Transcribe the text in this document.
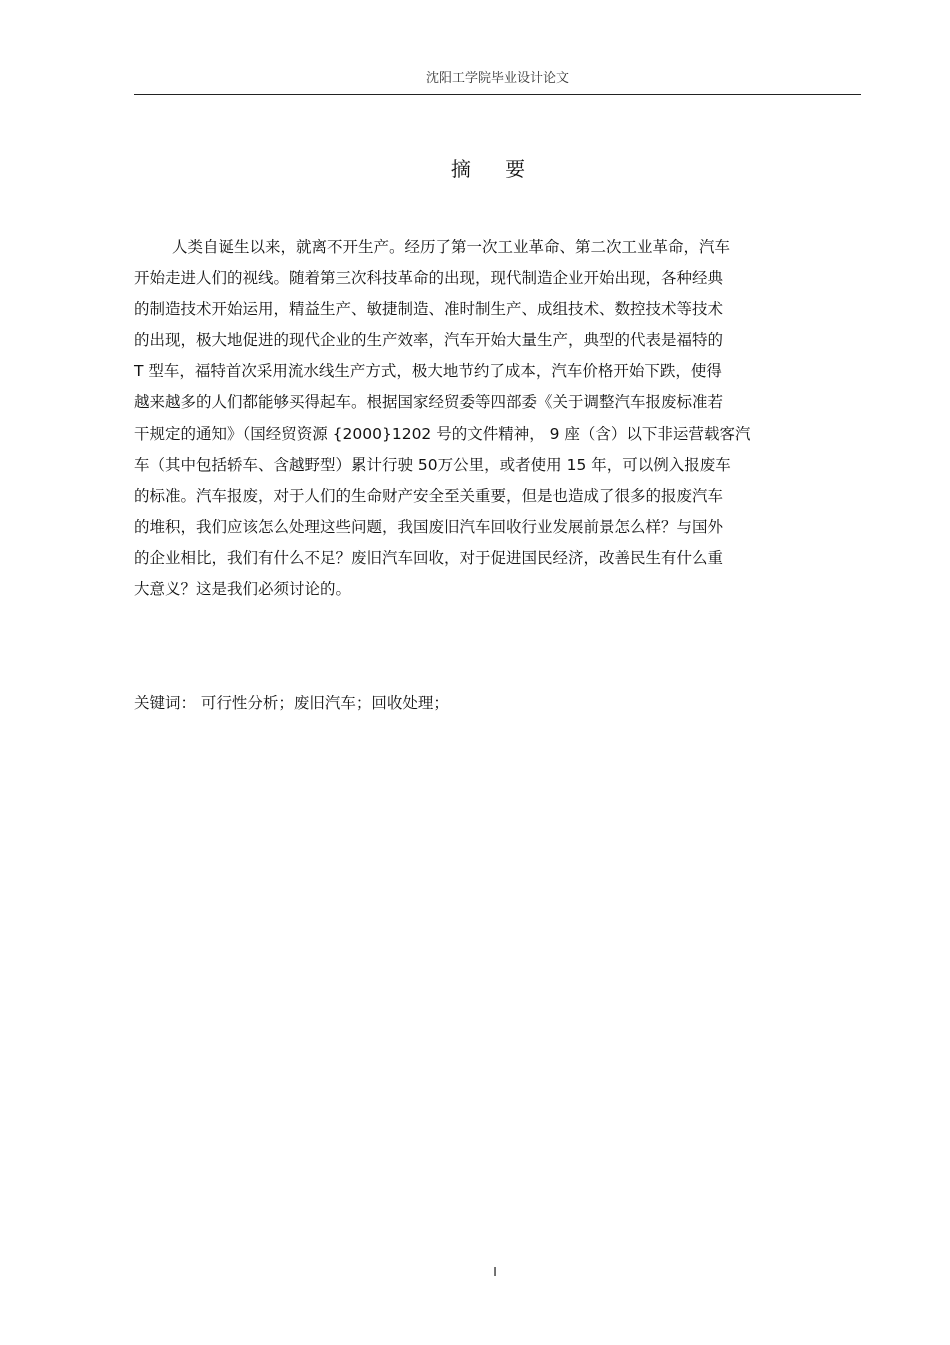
沈阳工学院毕业设计论文
摘 要
人类自诞生以来，就离不开生产。经历了第一次工业革命、第二次工业革命，汽车
开始走进人们的视线。随着第三次科技革命的出现，现代制造企业开始出现，各种经典
的制造技术开始运用，精益生产、敏捷制造、准时制生产、成组技术、数控技术等技术
的出现，极大地促进的现代企业的生产效率，汽车开始大量生产，典型的代表是福特的
T 型车，福特首次采用流水线生产方式，极大地节约了成本，汽车价格开始下跌，使得
越来越多的人们都能够买得起车。根据国家经贸委等四部委《关于调整汽车报废标准若
干规定的通知》（国经贸资源 {2000}1202 号的文件精神， 9 座（含）以下非运营载客汽
车（其中包括轿车、含越野型）累计行驶 50万公里，或者使用 15 年，可以例入报废车
的标准。汽车报废，对于人们的生命财产安全至关重要，但是也造成了很多的报废汽车
的堆积，我们应该怎么处理这些问题，我国废旧汽车回收行业发展前景怎么样？与国外
的企业相比，我们有什么不足？废旧汽车回收，对于促进国民经济，改善民生有什么重
大意义？这是我们必须讨论的。
关键词： 可行性分析；废旧汽车；回收处理；
I
